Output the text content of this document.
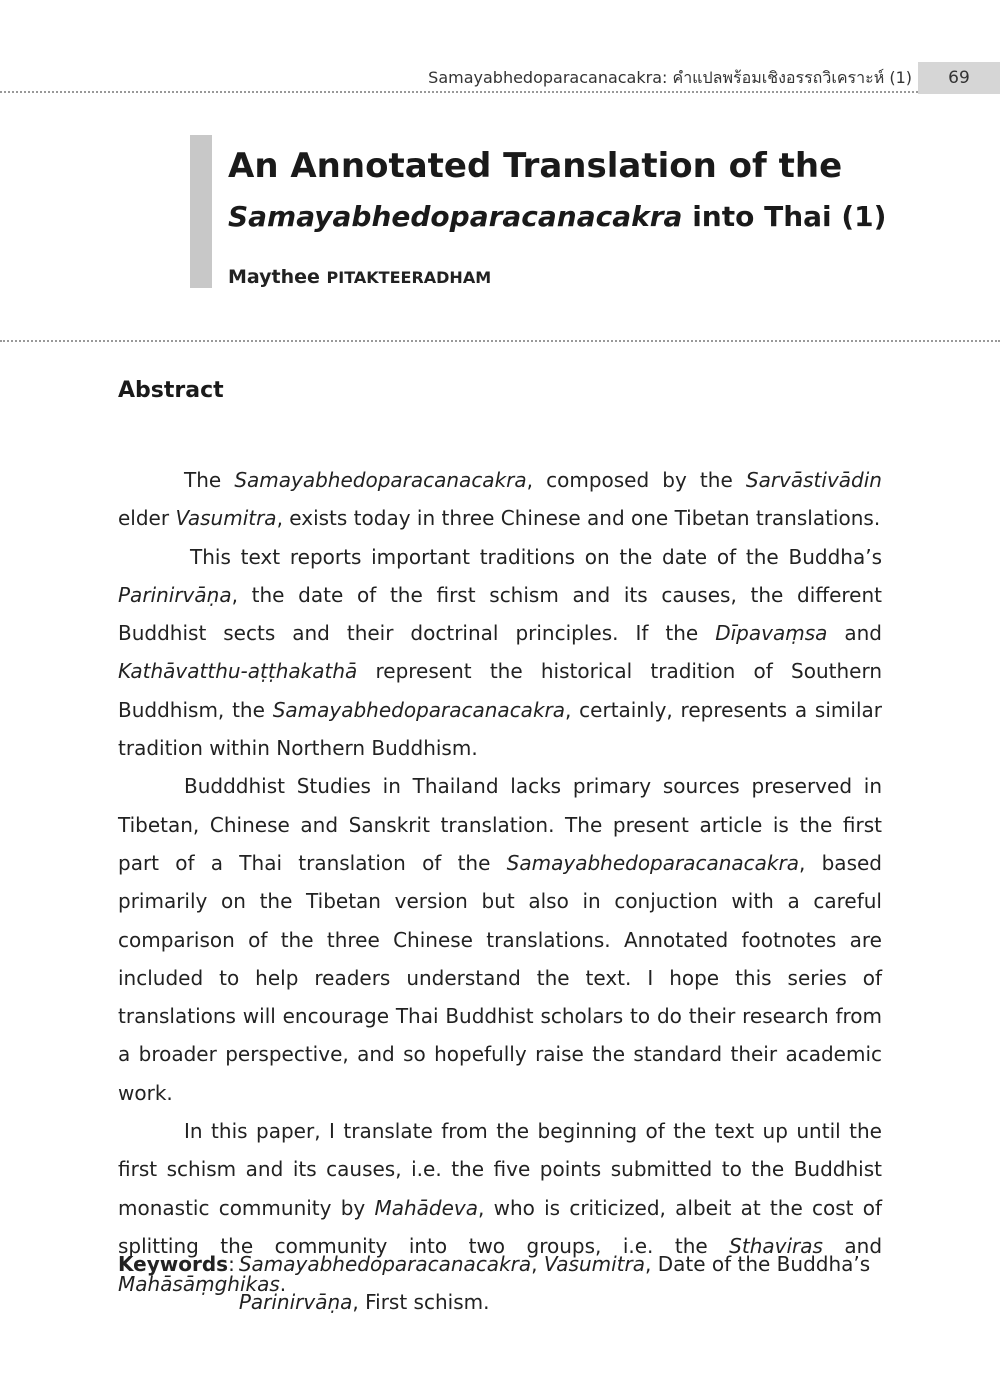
Samayabhedoparacanacakra: คำแปลพร้อมเชิงอรรถวิเคราะห์ (1)	69
An Annotated Translation of the
Samayabhedoparacanacakra into Thai (1)
Maythee PITAKTEERADHAM
Abstract

The Samayabhedoparacanacakra, composed by the Sarvāstivādin elder Vasumitra, exists today in three Chinese and one Tibetan translations.

This text reports important traditions on the date of the Buddha’s Parinirvāṇa, the date of the first schism and its causes, the different Buddhist sects and their doctrinal principles. If the Dīpavaṃsa and Kathāvatthu-aṭṭhakathā represent the historical tradition of Southern Buddhism, the Samayabhedoparacanacakra, certainly, represents a similar tradition within Northern Buddhism.

Budddhist Studies in Thailand lacks primary sources preserved in Tibetan, Chinese and Sanskrit translation. The present article is the first part of a Thai translation of the Samayabhedoparacanacakra, based primarily on the Tibetan version but also in conjuction with a careful comparison of the three Chinese translations. Annotated footnotes are included to help readers understand the text. I hope this series of translations will encourage Thai Buddhist scholars to do their research from a broader perspective, and so hopefully raise the standard their academic work.

In this paper, I translate from the beginning of the text up until the first schism and its causes, i.e. the five points submitted to the Buddhist monastic community by Mahādeva, who is criticized, albeit at the cost of splitting the community into two groups, i.e. the Sthaviras and Mahāsāṃghikas.

Keywords: Samayabhedoparacanacakra, Vasumitra, Date of the Buddha’s Parinirvāṇa, First schism.
